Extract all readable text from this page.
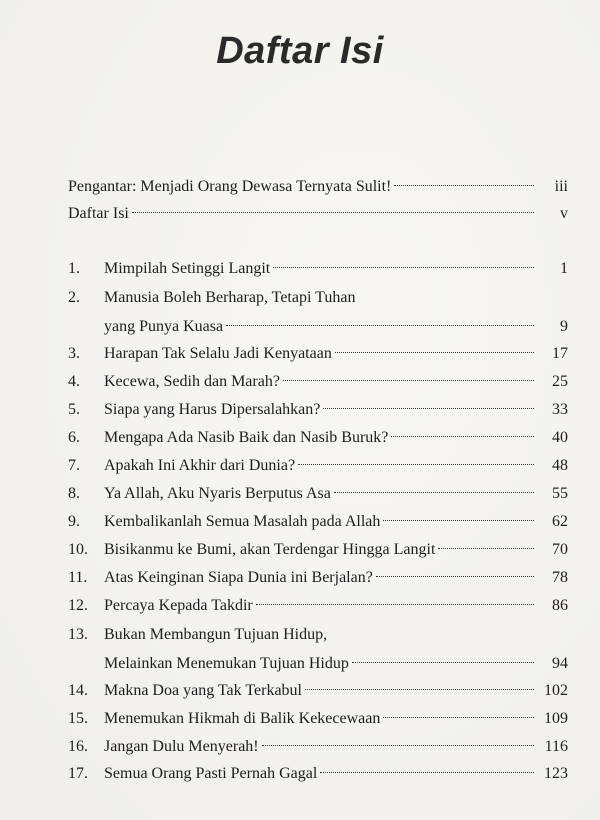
Daftar Isi
Pengantar: Menjadi Orang Dewasa Ternyata Sulit!	iii
Daftar Isi	v
1.	Mimpilah Setinggi Langit	1
2.	Manusia Boleh Berharap, Tetapi Tuhan
yang Punya Kuasa	9
3.	Harapan Tak Selalu Jadi Kenyataan	17
4.	Kecewa, Sedih dan Marah?	25
5.	Siapa yang Harus Dipersalahkan?	33
6.	Mengapa Ada Nasib Baik dan Nasib Buruk?	40
7.	Apakah Ini Akhir dari Dunia?	48
8.	Ya Allah, Aku Nyaris Berputus Asa	55
9.	Kembalikanlah Semua Masalah pada Allah	62
10.	Bisikanmu ke Bumi, akan Terdengar Hingga Langit	70
11.	Atas Keinginan Siapa Dunia ini Berjalan?	78
12.	Percaya Kepada Takdir	86
13.	Bukan Membangun Tujuan Hidup,
Melainkan Menemukan Tujuan Hidup	94
14.	Makna Doa yang Tak Terkabul	102
15.	Menemukan Hikmah di Balik Kekecewaan	109
16.	Jangan Dulu Menyerah!	116
17.	Semua Orang Pasti Pernah Gagal	123
